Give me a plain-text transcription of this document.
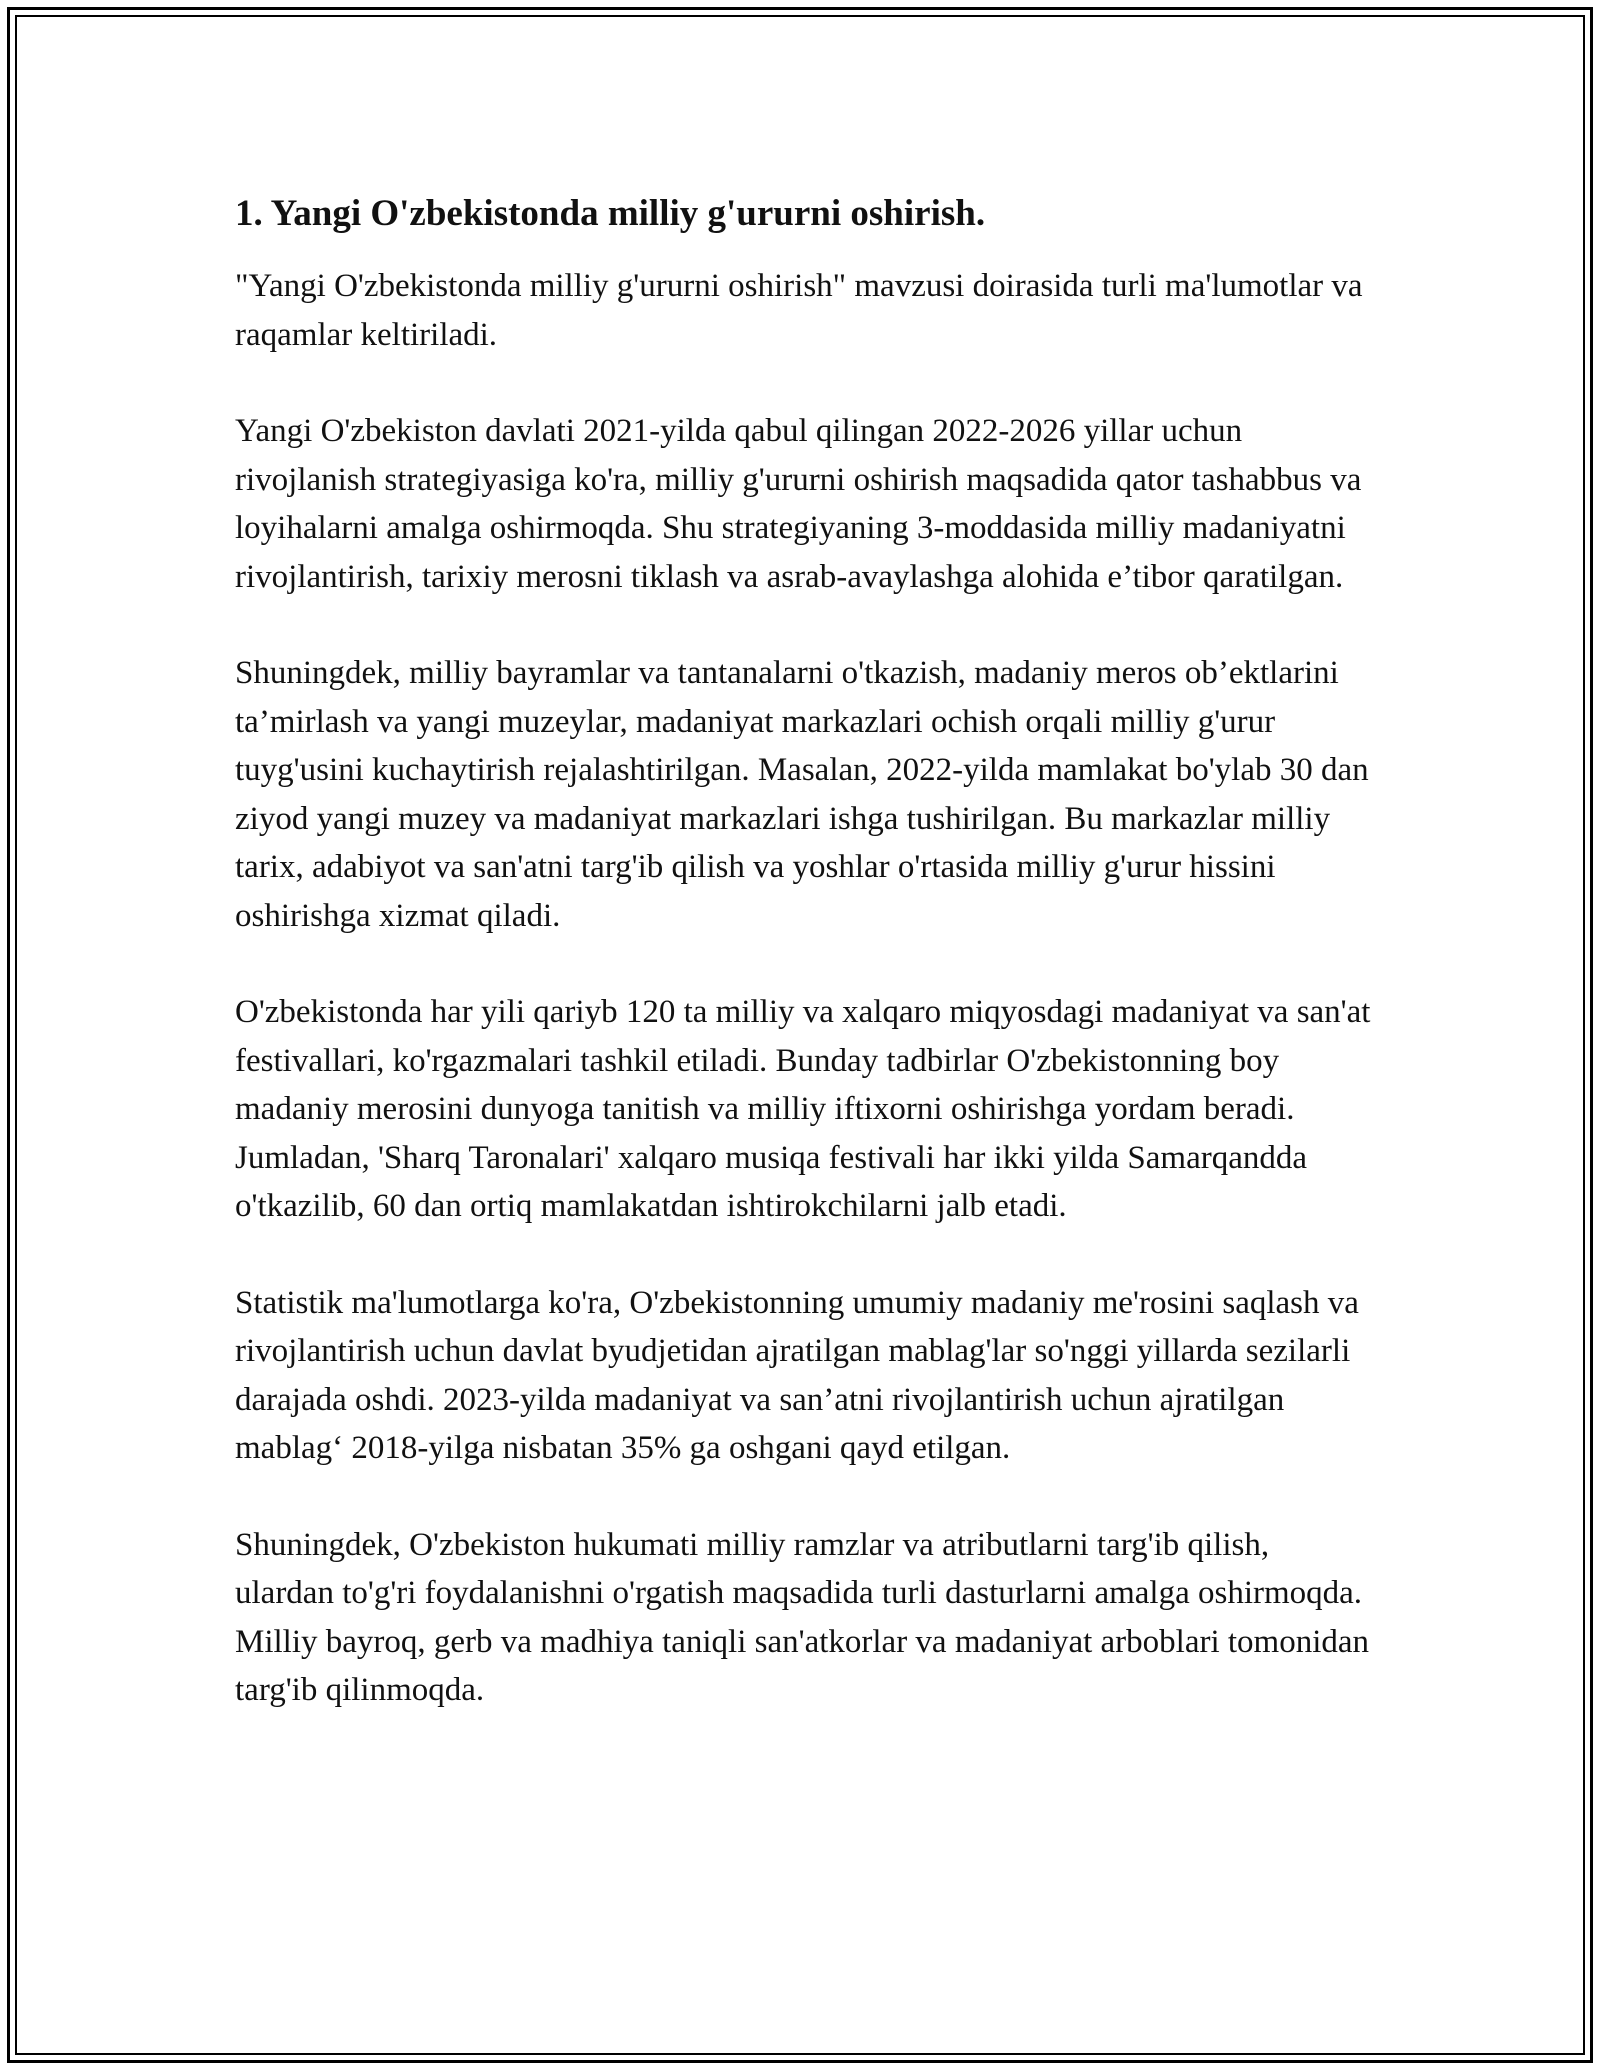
1. Yangi O'zbekistonda milliy g'ururni oshirish.

"Yangi O'zbekistonda milliy g'ururni oshirish" mavzusi doirasida turli ma'lumotlar va raqamlar keltiriladi.

Yangi O'zbekiston davlati 2021-yilda qabul qilingan 2022-2026 yillar uchun rivojlanish strategiyasiga ko'ra, milliy g'ururni oshirish maqsadida qator tashabbus va loyihalarni amalga oshirmoqda. Shu strategiyaning 3-moddasida milliy madaniyatni rivojlantirish, tarixiy merosni tiklash va asrab-avaylashga alohida e’tibor qaratilgan.

Shuningdek, milliy bayramlar va tantanalarni o'tkazish, madaniy meros ob’ektlarini ta’mirlash va yangi muzeylar, madaniyat markazlari ochish orqali milliy g'urur tuyg'usini kuchaytirish rejalashtirilgan. Masalan, 2022-yilda mamlakat bo'ylab 30 dan ziyod yangi muzey va madaniyat markazlari ishga tushirilgan. Bu markazlar milliy tarix, adabiyot va san'atni targ'ib qilish va yoshlar o'rtasida milliy g'urur hissini oshirishga xizmat qiladi.

O'zbekistonda har yili qariyb 120 ta milliy va xalqaro miqyosdagi madaniyat va san'at festivallari, ko'rgazmalari tashkil etiladi. Bunday tadbirlar O'zbekistonning boy madaniy merosini dunyoga tanitish va milliy iftixorni oshirishga yordam beradi. Jumladan, 'Sharq Taronalari' xalqaro musiqa festivali har ikki yilda Samarqandda o'tkazilib, 60 dan ortiq mamlakatdan ishtirokchilarni jalb etadi.

Statistik ma'lumotlarga ko'ra, O'zbekistonning umumiy madaniy me'rosini saqlash va rivojlantirish uchun davlat byudjetidan ajratilgan mablag'lar so'nggi yillarda sezilarli darajada oshdi. 2023-yilda madaniyat va san’atni rivojlantirish uchun ajratilgan mablag‘ 2018-yilga nisbatan 35% ga oshgani qayd etilgan.

Shuningdek, O'zbekiston hukumati milliy ramzlar va atributlarni targ'ib qilish, ulardan to'g'ri foydalanishni o'rgatish maqsadida turli dasturlarni amalga oshirmoqda. Milliy bayroq, gerb va madhiya taniqli san'atkorlar va madaniyat arboblari tomonidan targ'ib qilinmoqda.
